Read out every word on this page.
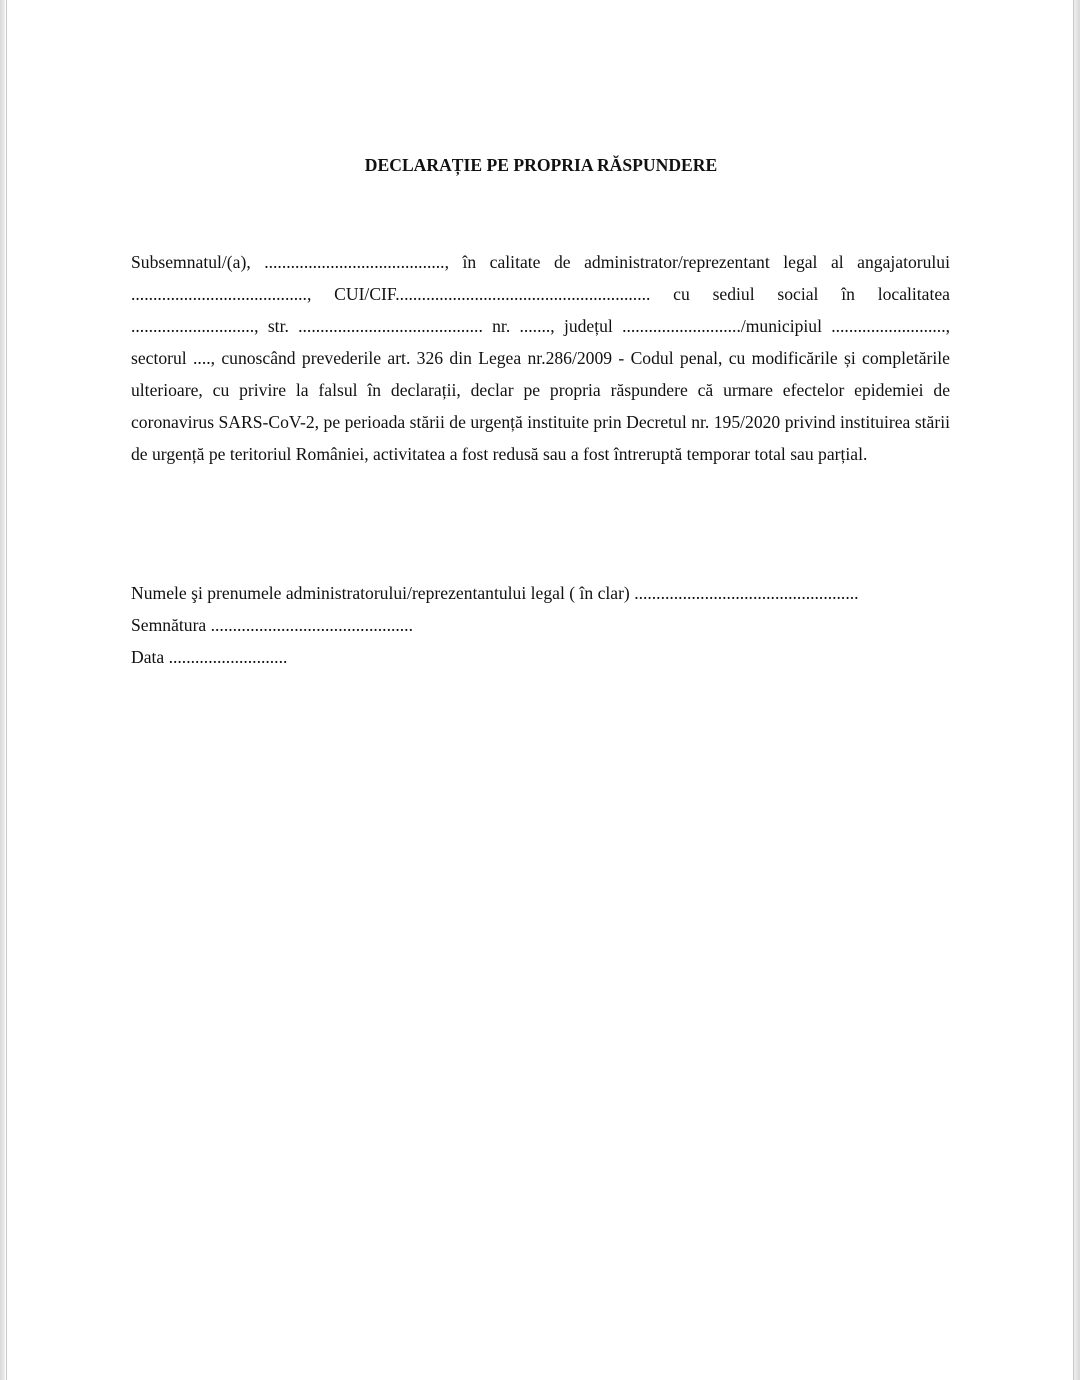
DECLARAȚIE PE PROPRIA RĂSPUNDERE

Subsemnatul/(a), ........................................., în calitate de administrator/reprezentant legal al angajatorului ........................................, CUI/CIF.......................................................... cu sediul social în localitatea ............................, str. .......................................... nr. ......., județul .........................../municipiul .........................., sectorul ...., cunoscând prevederile art. 326 din Legea nr.286/2009 - Codul penal, cu modificările și completările ulterioare, cu privire la falsul în declarații, declar pe propria răspundere că urmare efectelor epidemiei de coronavirus SARS-CoV-2, pe perioada stării de urgență instituite prin Decretul nr. 195/2020 privind instituirea stării de urgență pe teritoriul României, activitatea a fost redusă sau a fost întreruptă temporar total sau parțial.

Numele şi prenumele administratorului/reprezentantului legal ( în clar) ...................................................
Semnătura ..............................................
Data ...........................
